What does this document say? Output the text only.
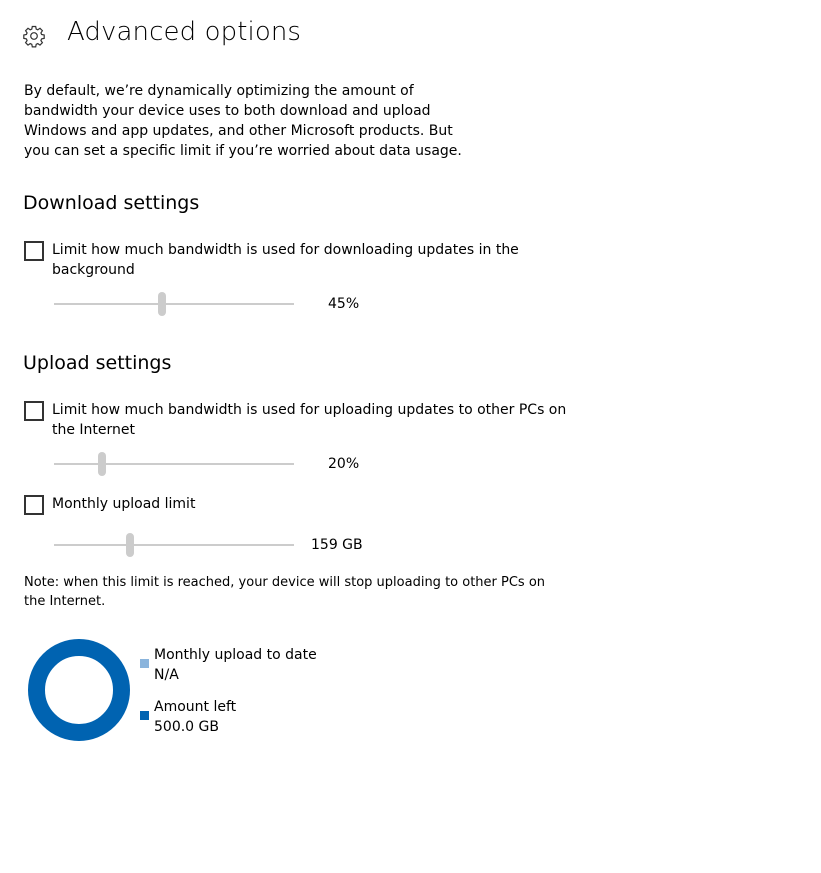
Advanced options
By default, we’re dynamically optimizing the amount of bandwidth your device uses to both download and upload Windows and app updates, and other Microsoft products. But you can set a specific limit if you’re worried about data usage.
Download settings
Limit how much bandwidth is used for downloading updates in the background
45%
Upload settings
Limit how much bandwidth is used for uploading updates to other PCs on the Internet
20%
Monthly upload limit
159 GB
Note: when this limit is reached, your device will stop uploading to other PCs on the Internet.
Monthly upload to date
N/A
Amount left
500.0 GB
